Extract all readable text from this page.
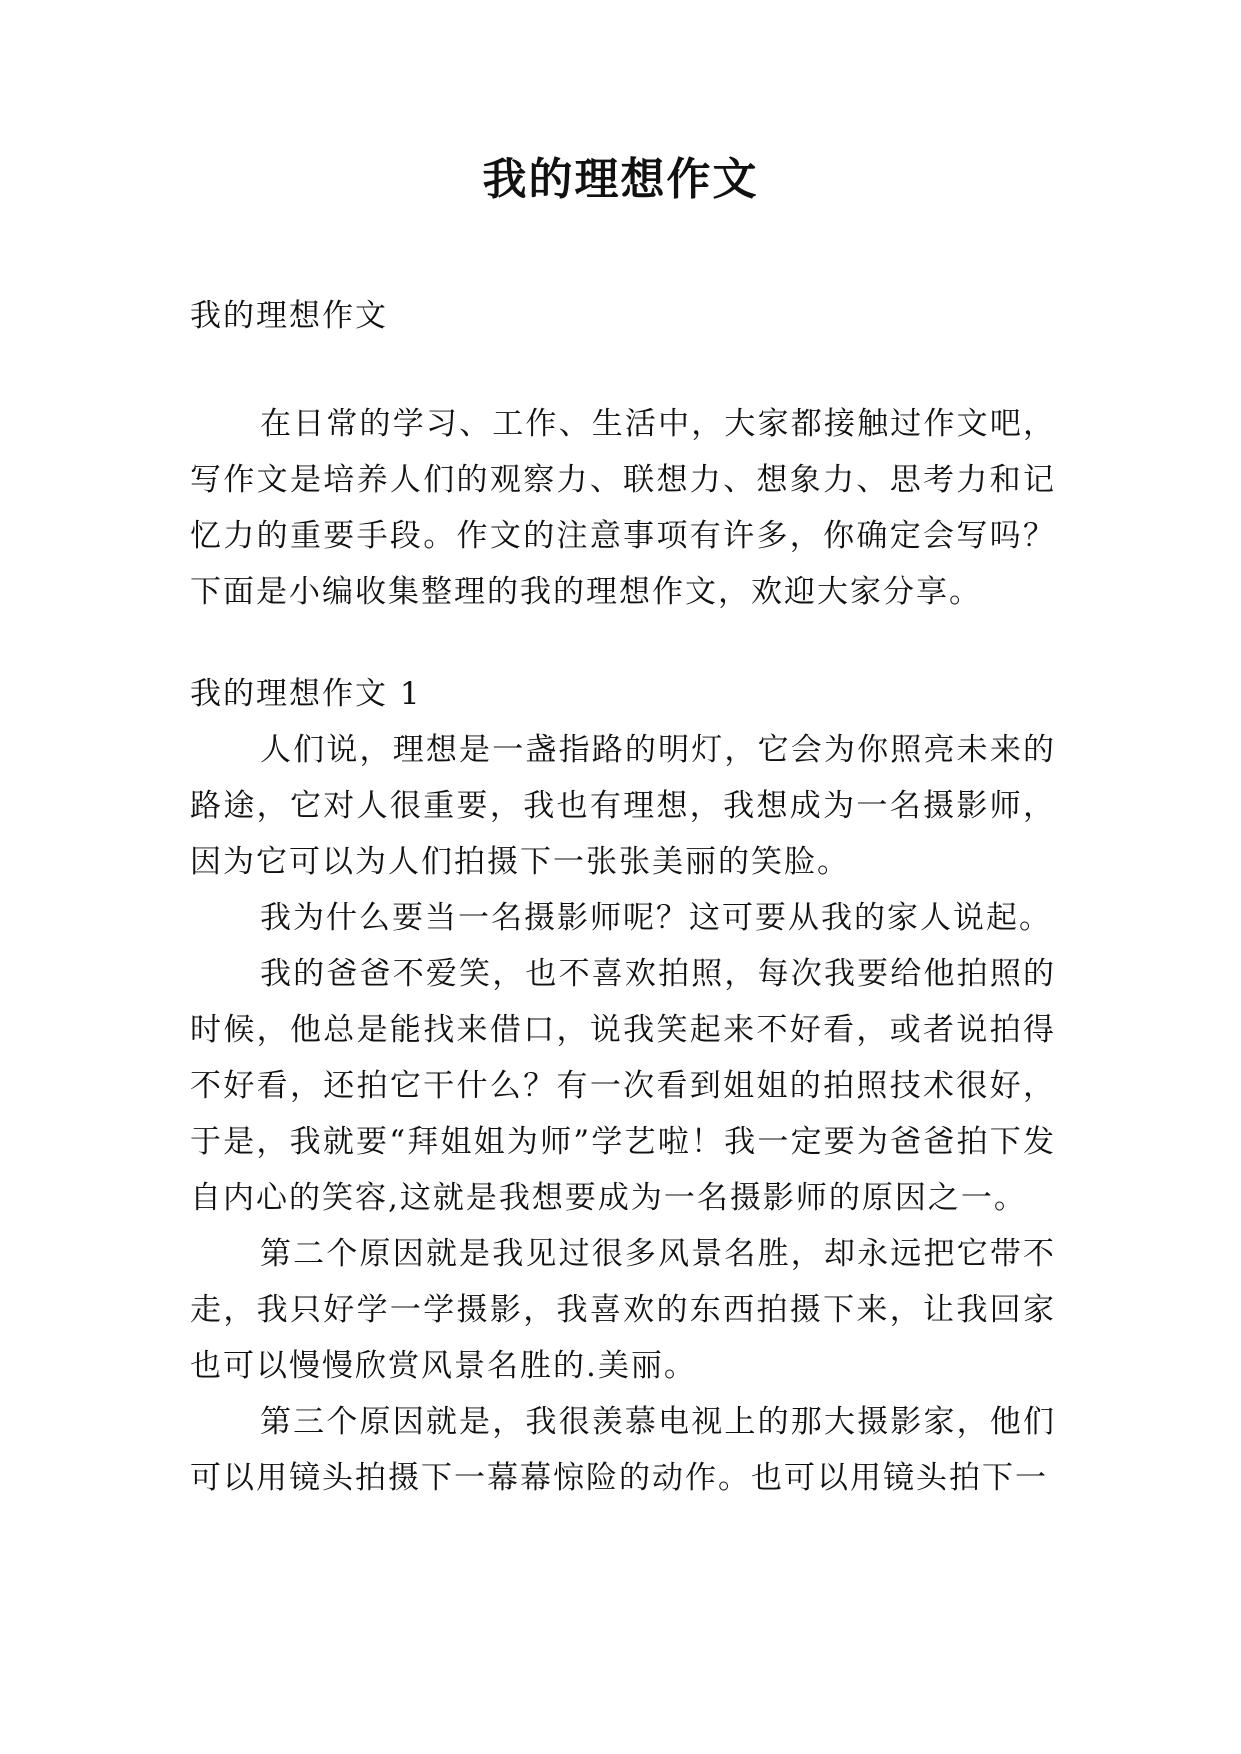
我的理想作文

我的理想作文

在日常的学习、工作、生活中，大家都接触过作文吧，写作文是培养人们的观察力、联想力、想象力、思考力和记忆力的重要手段。作文的注意事项有许多，你确定会写吗？下面是小编收集整理的我的理想作文，欢迎大家分享。

我的理想作文 1

人们说，理想是一盏指路的明灯，它会为你照亮未来的路途，它对人很重要，我也有理想，我想成为一名摄影师，因为它可以为人们拍摄下一张张美丽的笑脸。

我为什么要当一名摄影师呢？这可要从我的家人说起。

我的爸爸不爱笑，也不喜欢拍照，每次我要给他拍照的时候，他总是能找来借口，说我笑起来不好看，或者说拍得不好看，还拍它干什么？有一次看到姐姐的拍照技术很好，于是，我就要“拜姐姐为师”学艺啦！我一定要为爸爸拍下发自内心的笑容,这就是我想要成为一名摄影师的原因之一。

第二个原因就是我见过很多风景名胜，却永远把它带不走，我只好学一学摄影，我喜欢的东西拍摄下来，让我回家也可以慢慢欣赏风景名胜的.美丽。

第三个原因就是，我很羡慕电视上的那大摄影家，他们可以用镜头拍摄下一幕幕惊险的动作。也可以用镜头拍下一
